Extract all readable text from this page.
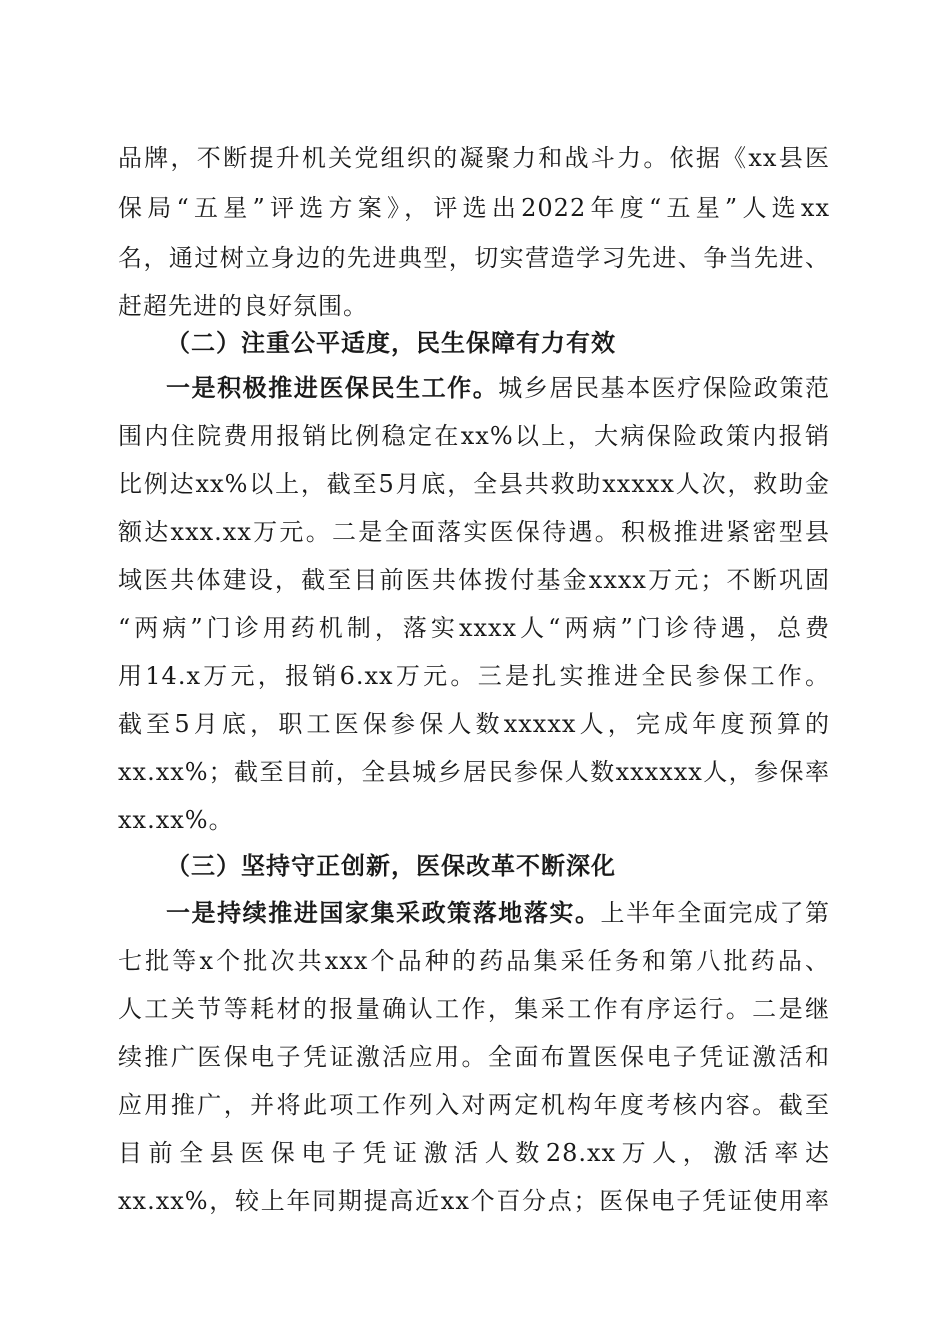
品牌，不断提升机关党组织的凝聚力和战斗力。依据《xx县医
保局“五星”评选方案》，评选出2022年度“五星”人选xx
名，通过树立身边的先进典型，切实营造学习先进、争当先进、
赶超先进的良好氛围。
（二）注重公平适度，民生保障有力有效
一是积极推进医保民生工作。城乡居民基本医疗保险政策范
围内住院费用报销比例稳定在xx%以上，大病保险政策内报销
比例达xx%以上，截至5月底，全县共救助xxxxx人次，救助金
额达xxx.xx万元。二是全面落实医保待遇。积极推进紧密型县
域医共体建设，截至目前医共体拨付基金xxxx万元；不断巩固
“两病”门诊用药机制，落实xxxx人“两病”门诊待遇，总费
用14.x万元，报销6.xx万元。三是扎实推进全民参保工作。
截至5月底，职工医保参保人数xxxxx人，完成年度预算的
xx.xx%；截至目前，全县城乡居民参保人数xxxxxx人，参保率
xx.xx%。
（三）坚持守正创新，医保改革不断深化
一是持续推进国家集采政策落地落实。上半年全面完成了第
七批等x个批次共xxx个品种的药品集采任务和第八批药品、
人工关节等耗材的报量确认工作，集采工作有序运行。二是继
续推广医保电子凭证激活应用。全面布置医保电子凭证激活和
应用推广，并将此项工作列入对两定机构年度考核内容。截至
目前全县医保电子凭证激活人数28.xx万人，激活率达
xx.xx%，较上年同期提高近xx个百分点；医保电子凭证使用率
